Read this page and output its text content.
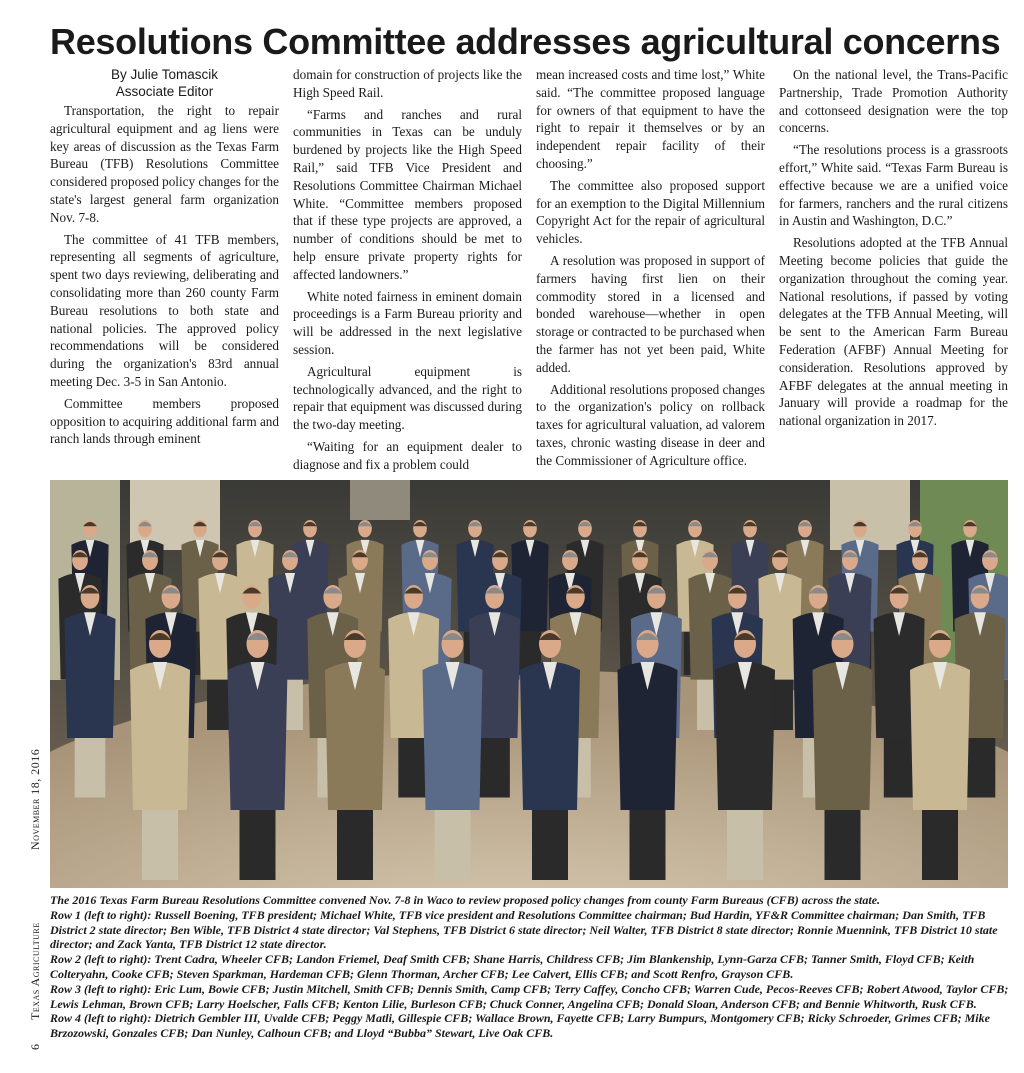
Resolutions Committee addresses agricultural concerns
By Julie Tomascik
Associate Editor

Transportation, the right to repair agricultural equipment and ag liens were key areas of discussion as the Texas Farm Bureau (TFB) Resolutions Committee considered proposed policy changes for the state's largest general farm organization Nov. 7-8.

The committee of 41 TFB members, representing all segments of agriculture, spent two days reviewing, deliberating and consolidating more than 260 county Farm Bureau resolutions to both state and national policies. The approved policy recommendations will be considered during the organization's 83rd annual meeting Dec. 3-5 in San Antonio.

Committee members proposed opposition to acquiring additional farm and ranch lands through eminent

domain for construction of projects like the High Speed Rail.

“Farms and ranches and rural communities in Texas can be unduly burdened by projects like the High Speed Rail,” said TFB Vice President and Resolutions Committee Chairman Michael White. “Committee members proposed that if these type projects are approved, a number of conditions should be met to help ensure private property rights for affected landowners.”

White noted fairness in eminent domain proceedings is a Farm Bureau priority and will be addressed in the next legislative session.

Agricultural equipment is technologically advanced, and the right to repair that equipment was discussed during the two-day meeting.

“Waiting for an equipment dealer to diagnose and fix a problem could

mean increased costs and time lost,” White said. “The committee proposed language for owners of that equipment to have the right to repair it themselves or by an independent repair facility of their choosing.”

The committee also proposed support for an exemption to the Digital Millennium Copyright Act for the repair of agricultural vehicles.

A resolution was proposed in support of farmers having first lien on their commodity stored in a licensed and bonded warehouse—whether in open storage or contracted to be purchased when the farmer has not yet been paid, White added.

Additional resolutions proposed changes to the organization's policy on rollback taxes for agricultural valuation, ad valorem taxes, chronic wasting disease in deer and the Commissioner of Agriculture office.

On the national level, the Trans-Pacific Partnership, Trade Promotion Authority and cottonseed designation were the top concerns.

“The resolutions process is a grassroots effort,” White said. “Texas Farm Bureau is effective because we are a unified voice for farmers, ranchers and the rural citizens in Austin and Washington, D.C.”

Resolutions adopted at the TFB Annual Meeting become policies that guide the organization throughout the coming year. National resolutions, if passed by voting delegates at the TFB Annual Meeting, will be sent to the American Farm Bureau Federation (AFBF) Annual Meeting for consideration. Resolutions approved by AFBF delegates at the annual meeting in January will provide a roadmap for the national organization in 2017.

November 18, 2016
Texas Agriculture
6

The 2016 Texas Farm Bureau Resolutions Committee convened Nov. 7-8 in Waco to review proposed policy changes from county Farm Bureaus (CFB) across the state.

Row 1 (left to right): Russell Boening, TFB president; Michael White, TFB vice president and Resolutions Committee chairman; Bud Hardin, YF&R Committee chairman; Dan Smith, TFB District 2 state director; Ben Wible, TFB District 4 state director; Val Stephens, TFB District 6 state director; Neil Walter, TFB District 8 state director; Ronnie Muennink, TFB District 10 state director; and Zack Yanta, TFB District 12 state director.

Row 2 (left to right): Trent Cadra, Wheeler CFB; Landon Friemel, Deaf Smith CFB; Shane Harris, Childress CFB; Jim Blankenship, Lynn-Garza CFB; Tanner Smith, Floyd CFB; Keith Colteryahn, Cooke CFB; Steven Sparkman, Hardeman CFB; Glenn Thorman, Archer CFB; Lee Calvert, Ellis CFB; and Scott Renfro, Grayson CFB.

Row 3 (left to right): Eric Lum, Bowie CFB; Justin Mitchell, Smith CFB; Dennis Smith, Camp CFB; Terry Caffey, Concho CFB; Warren Cude, Pecos-Reeves CFB; Robert Atwood, Taylor CFB; Lewis Lehman, Brown CFB; Larry Hoelscher, Falls CFB; Kenton Lilie, Burleson CFB; Chuck Conner, Angelina CFB; Donald Sloan, Anderson CFB; and Bennie Whitworth, Rusk CFB.

Row 4 (left to right): Dietrich Gembler III, Uvalde CFB; Peggy Matli, Gillespie CFB; Wallace Brown, Fayette CFB; Larry Bumpurs, Montgomery CFB; Ricky Schroeder, Grimes CFB; Mike Brzozowski, Gonzales CFB; Dan Nunley, Calhoun CFB; and Lloyd “Bubba” Stewart, Live Oak CFB.
